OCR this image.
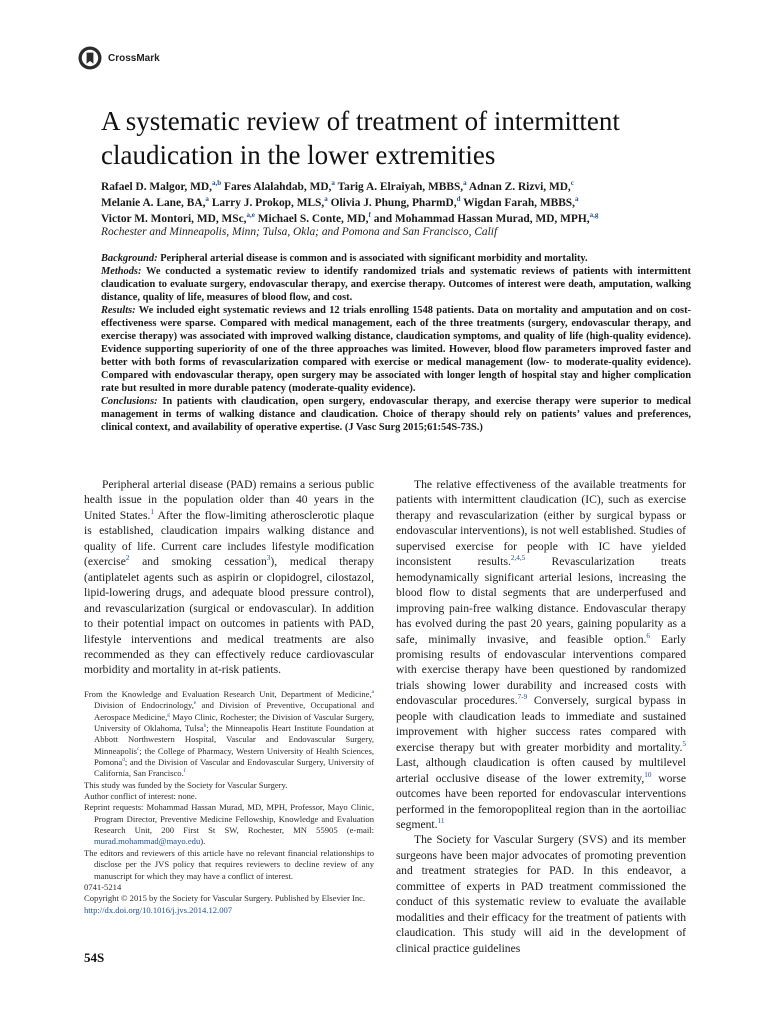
CrossMark
A systematic review of treatment of intermittent claudication in the lower extremities
Rafael D. Malgor, MD,$^{a,b}$ Fares Alalahdab, MD,$^a$ Tarig A. Elraiyah, MBBS,$^a$ Adnan Z. Rizvi, MD,$^c$
Melanie A. Lane, BA,$^a$ Larry J. Prokop, MLS,$^a$ Olivia J. Phung, PharmD,$^d$ Wigdan Farah, MBBS,$^a$
Victor M. Montori, MD, MSc,$^{a,e}$ Michael S. Conte, MD,$^f$ and Mohammad Hassan Murad, MD, MPH,$^{a,g}$
Rochester and Minneapolis, Minn; Tulsa, Okla; and Pomona and San Francisco, Calif

Background: Peripheral arterial disease is common and is associated with significant morbidity and mortality.

Methods: We conducted a systematic review to identify randomized trials and systematic reviews of patients with intermittent claudication to evaluate surgery, endovascular therapy, and exercise therapy. Outcomes of interest were death, amputation, walking distance, quality of life, measures of blood flow, and cost.

Results: We included eight systematic reviews and 12 trials enrolling 1548 patients. Data on mortality and amputation and on cost-effectiveness were sparse. Compared with medical management, each of the three treatments (surgery, endovascular therapy, and exercise therapy) was associated with improved walking distance, claudication symptoms, and quality of life (high-quality evidence). Evidence supporting superiority of one of the three approaches was limited. However, blood flow parameters improved faster and better with both forms of revascularization compared with exercise or medical management (low- to moderate-quality evidence). Compared with endovascular therapy, open surgery may be associated with longer length of hospital stay and higher complication rate but resulted in more durable patency (moderate-quality evidence).

Conclusions: In patients with claudication, open surgery, endovascular therapy, and exercise therapy were superior to medical management in terms of walking distance and claudication. Choice of therapy should rely on patients’ values and preferences, clinical context, and availability of operative expertise. (J Vasc Surg 2015;61:54S-73S.)

Peripheral arterial disease (PAD) remains a serious public health issue in the population older than 40 years in the United States.$^1$ After the flow-limiting atherosclerotic plaque is established, claudication impairs walking distance and quality of life. Current care includes lifestyle modification (exercise$^2$ and smoking cessation$^3$), medical therapy (antiplatelet agents such as aspirin or clopidogrel, cilostazol, lipid-lowering drugs, and adequate blood pressure control), and revascularization (surgical or endovascular). In addition to their potential impact on outcomes in patients with PAD, lifestyle interventions and medical treatments are also recommended as they can effectively reduce cardiovascular morbidity and mortality in at-risk patients.

From the Knowledge and Evaluation Research Unit, Department of Medicine,$^a$ Division of Endocrinology,$^e$ and Division of Preventive, Occupational and Aerospace Medicine,$^g$ Mayo Clinic, Rochester; the Division of Vascular Surgery, University of Oklahoma, Tulsa$^b$; the Minneapolis Heart Institute Foundation at Abbott Northwestern Hospital, Vascular and Endovascular Surgery, Minneapolis$^c$; the College of Pharmacy, Western University of Health Sciences, Pomona$^d$; and the Division of Vascular and Endovascular Surgery, University of California, San Francisco.$^f$

This study was funded by the Society for Vascular Surgery.

Author conflict of interest: none.

Reprint requests: Mohammad Hassan Murad, MD, MPH, Professor, Mayo Clinic, Program Director, Preventive Medicine Fellowship, Knowledge and Evaluation Research Unit, 200 First St SW, Rochester, MN 55905 (e-mail: murad.mohammad@mayo.edu).

The editors and reviewers of this article have no relevant financial relationships to disclose per the JVS policy that requires reviewers to decline review of any manuscript for which they may have a conflict of interest.

0741-5214

Copyright © 2015 by the Society for Vascular Surgery. Published by Elsevier Inc.

http://dx.doi.org/10.1016/j.jvs.2014.12.007

The relative effectiveness of the available treatments for patients with intermittent claudication (IC), such as exercise therapy and revascularization (either by surgical bypass or endovascular interventions), is not well established. Studies of supervised exercise for people with IC have yielded inconsistent results.$^{2,4,5}$ Revascularization treats hemodynamically significant arterial lesions, increasing the blood flow to distal segments that are underperfused and improving pain-free walking distance. Endovascular therapy has evolved during the past 20 years, gaining popularity as a safe, minimally invasive, and feasible option.$^6$ Early promising results of endovascular interventions compared with exercise therapy have been questioned by randomized trials showing lower durability and increased costs with endovascular procedures.$^{7-9}$ Conversely, surgical bypass in people with claudication leads to immediate and sustained improvement with higher success rates compared with exercise therapy but with greater morbidity and mortality.$^5$ Last, although claudication is often caused by multilevel arterial occlusive disease of the lower extremity,$^{10}$ worse outcomes have been reported for endovascular interventions performed in the femoropopliteal region than in the aortoiliac segment.$^{11}$

The Society for Vascular Surgery (SVS) and its member surgeons have been major advocates of promoting prevention and treatment strategies for PAD. In this endeavor, a committee of experts in PAD treatment commissioned the conduct of this systematic review to evaluate the available modalities and their efficacy for the treatment of patients with claudication. This study will aid in the development of clinical practice guidelines

54S
